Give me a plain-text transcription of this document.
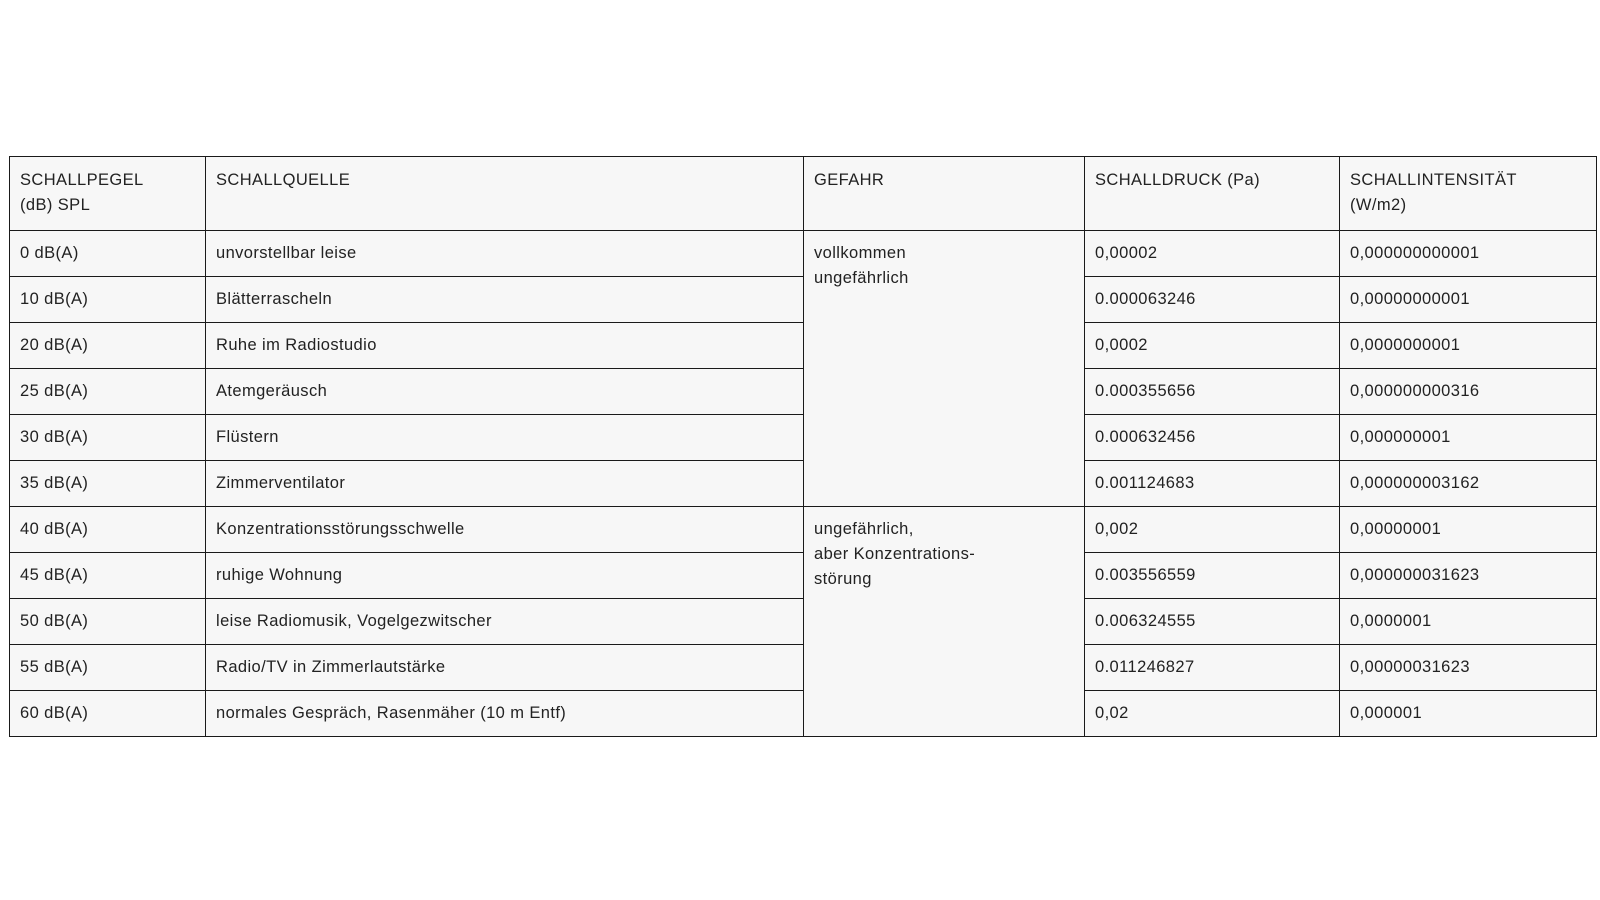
SCHALLPEGEL
(dB) SPL	SCHALLQUELLE	GEFAHR	SCHALLDRUCK (Pa)	SCHALLINTENSITÄT
(W/m2)
0 dB(A)	unvorstellbar leise	vollkommen
ungefährlich	0,00002	0,000000000001
10 dB(A)	Blätterrascheln		0.000063246	0,00000000001
20 dB(A)	Ruhe im Radiostudio		0,0002	0,0000000001
25 dB(A)	Atemgeräusch		0.000355656	0,000000000316
30 dB(A)	Flüstern		0.000632456	0,000000001
35 dB(A)	Zimmerventilator		0.001124683	0,000000003162
40 dB(A)	Konzentrationsstörungsschwelle	ungefährlich,
aber Konzentrations-
störung	0,002	0,00000001
45 dB(A)	ruhige Wohnung		0.003556559	0,000000031623
50 dB(A)	leise Radiomusik, Vogelgezwitscher		0.006324555	0,0000001
55 dB(A)	Radio/TV in Zimmerlautstärke		0.011246827	0,00000031623
60 dB(A)	normales Gespräch, Rasenmäher (10 m Entf)		0,02	0,000001
